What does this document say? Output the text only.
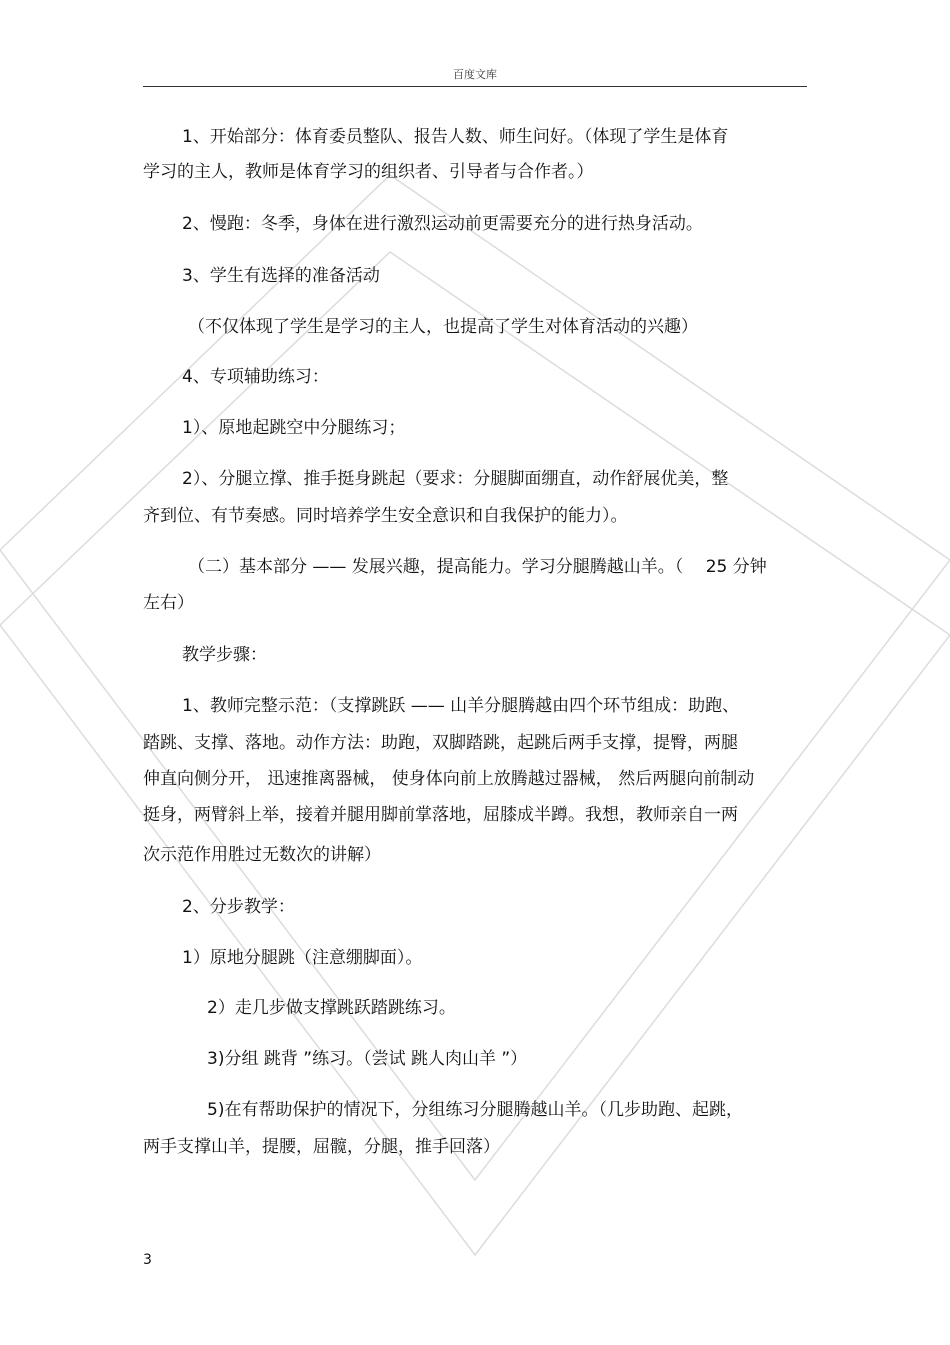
百度文库
1、开始部分：体育委员整队、报告人数、师生问好。（体现了学生是体育
学习的主人，教师是体育学习的组织者、引导者与合作者。）
2、慢跑：冬季，身体在进行激烈运动前更需要充分的进行热身活动。
3、学生有选择的准备活动
（不仅体现了学生是学习的主人，也提高了学生对体育活动的兴趣）
4、专项辅助练习：
1）、原地起跳空中分腿练习；
2）、分腿立撑、推手挺身跳起（要求：分腿脚面绷直，动作舒展优美，整
齐到位、有节奏感。同时培养学生安全意识和自我保护的能力）。
（二）基本部分 —— 发展兴趣，提高能力。学习分腿腾越山羊。（　 25 分钟
左右）
教学步骤：
1、教师完整示范：（支撑跳跃 —— 山羊分腿腾越由四个环节组成：助跑、
踏跳、支撑、落地。动作方法：助跑，双脚踏跳，起跳后两手支撑，提臀，两腿
伸直向侧分开， 迅速推离器械， 使身体向前上放腾越过器械， 然后两腿向前制动
挺身，两臂斜上举，接着并腿用脚前掌落地，屈膝成半蹲。我想，教师亲自一两
次示范作用胜过无数次的讲解）
2、分步教学：
1）原地分腿跳（注意绷脚面）。
2）走几步做支撑跳跃踏跳练习。
3)分组 跳背 ”练习。（尝试 跳人肉山羊 ”）
5)在有帮助保护的情况下，分组练习分腿腾越山羊。（几步助跑、起跳，
两手支撑山羊，提腰，屈髋，分腿，推手回落）
3
